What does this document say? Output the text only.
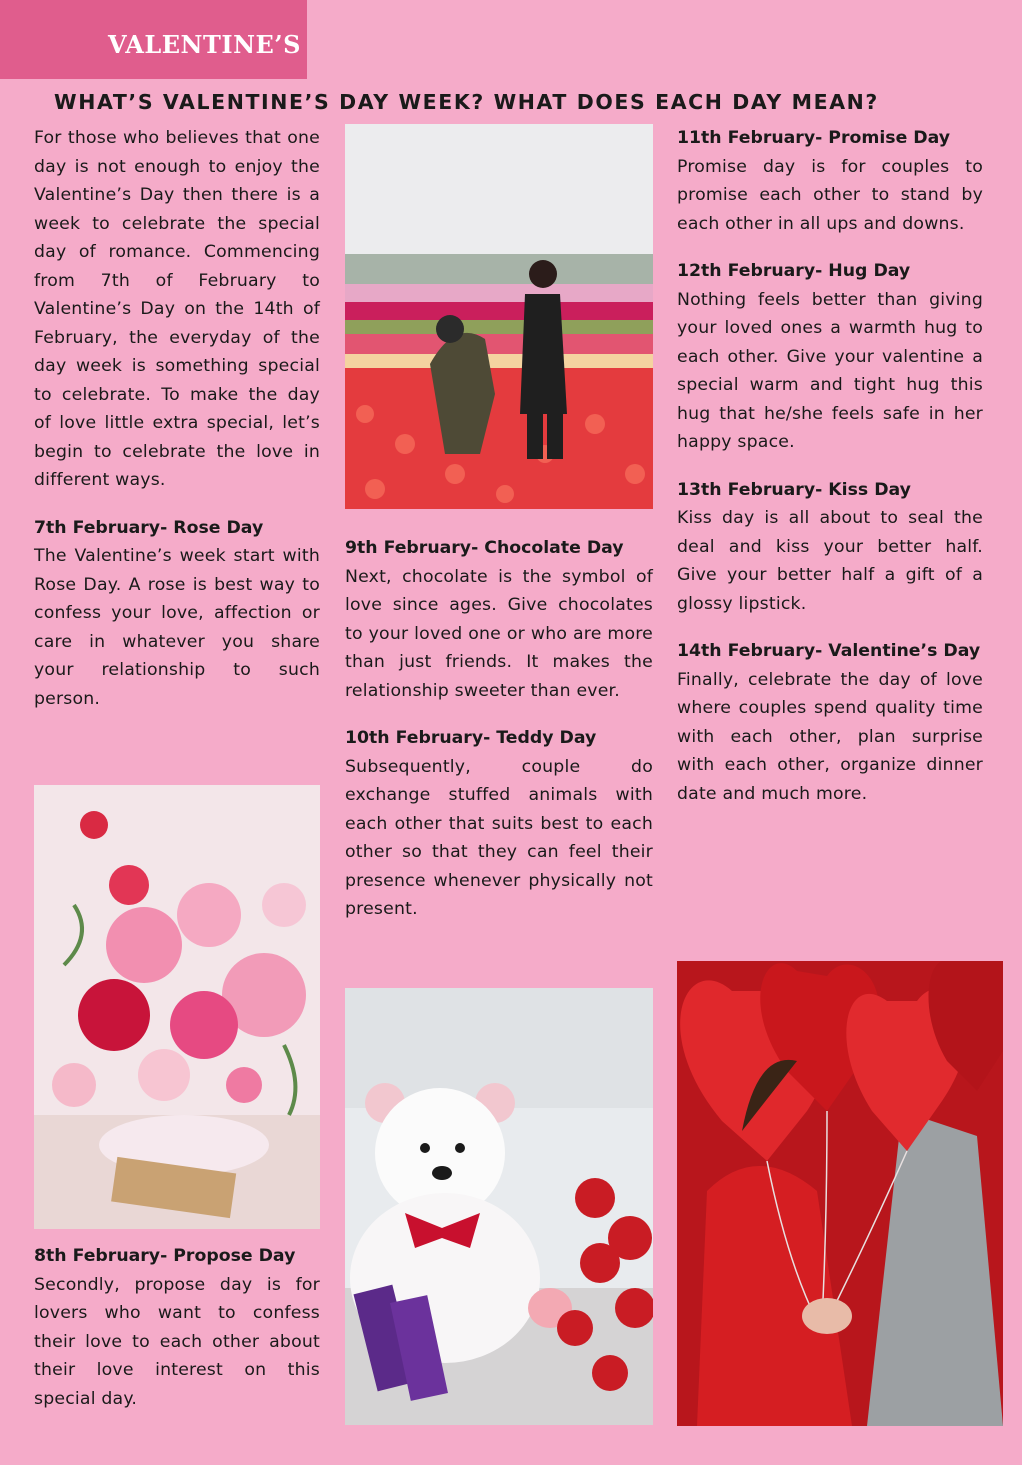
VALENTINE’S
WHAT’S VALENTINE’S DAY WEEK? WHAT DOES EACH DAY MEAN?

For those who believes that one day is not enough to enjoy the Valentine’s Day then there is a week to celebrate the special day of romance. Commencing from 7th of February to Valentine’s Day on the 14th of February, the everyday of the day week is something special to celebrate. To make the day of love little extra special, let’s begin to celebrate the love in different ways.

7th February- Rose Day

The Valentine’s week start with Rose Day. A rose is best way to confess your love, affection or care in whatever you share your relationship to such person.

8th February- Propose Day

Secondly, propose day is for lovers who want to confess their love to each other about their love interest on this special day.

9th February- Chocolate Day

Next, chocolate is the symbol of love since ages. Give chocolates to your loved one or who are more than just friends. It makes the relationship sweeter than ever.

10th February- Teddy Day

Subsequently, couple do exchange stuffed animals with each other that suits best to each other so that they can feel their presence whenever physically not present.

11th February- Promise Day

Promise day is for couples to promise each other to stand by each other in all ups and downs.

12th February- Hug Day

Nothing feels better than giving your loved ones a warmth hug to each other. Give your valentine a special warm and tight hug this hug that he/she feels safe in her happy space.

13th February- Kiss Day

Kiss day is all about to seal the deal and kiss your better half. Give your better half a gift of a glossy lipstick.

14th February- Valentine’s Day

Finally, celebrate the day of love where couples spend quality time with each other, plan surprise with each other, organize dinner date and much more.
